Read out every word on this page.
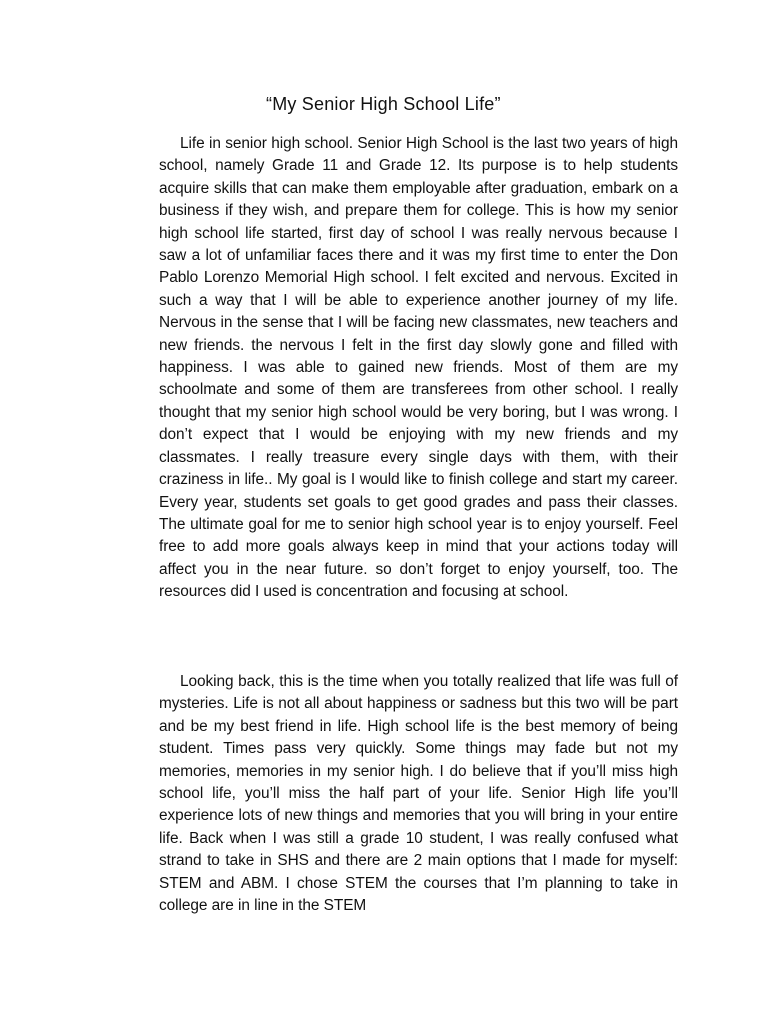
“My Senior High School Life”

Life in senior high school. Senior High School is the last two years of high school, namely Grade 11 and Grade 12. Its purpose is to help students acquire skills that can make them employable after graduation, embark on a business if they wish, and prepare them for college. This is how my senior high school life started, first day of school I was really nervous because I saw a lot of unfamiliar faces there and it was my first time to enter the Don Pablo Lorenzo Memorial High school. I felt excited and nervous. Excited in such a way that I will be able to experience another journey of my life. Nervous in the sense that I will be facing new classmates, new teachers and new friends. the nervous I felt in the first day slowly gone and filled with happiness. I was able to gained new friends. Most of them are my schoolmate and some of them are transferees from other school. I really thought that my senior high school would be very boring, but I was wrong. I don’t expect that I would be enjoying with my new friends and my classmates. I really treasure every single days with them, with their craziness in life.. My goal is I would like to finish college and start my career. Every year, students set goals to get good grades and pass their classes. The ultimate goal for me to senior high school year is to enjoy yourself. Feel free to add more goals always keep in mind that your actions today will affect you in the near future. so don’t forget to enjoy yourself, too. The resources did I used is concentration and focusing at school.

Looking back, this is the time when you totally realized that life was full of mysteries. Life is not all about happiness or sadness but this two will be part and be my best friend in life. High school life is the best memory of being student. Times pass very quickly. Some things may fade but not my memories, memories in my senior high. I do believe that if you’ll miss high school life, you’ll miss the half part of your life. Senior High life you’ll experience lots of new things and memories that you will bring in your entire life. Back when I was still a grade 10 student, I was really confused what strand to take in SHS and there are 2 main options that I made for myself: STEM and ABM. I chose STEM the courses that I’m planning to take in college are in line in the STEM
